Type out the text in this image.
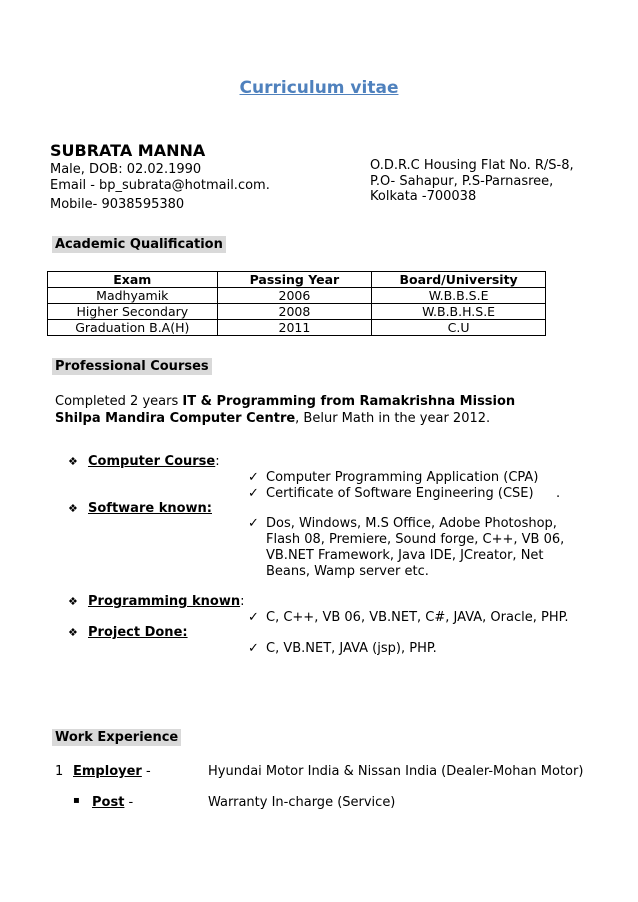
Curriculum vitae
SUBRATA MANNA
Male, DOB: 02.02.1990
Email - bp_subrata@hotmail.com.
Mobile- 9038595380
O.D.R.C Housing Flat No. R/S-8,
P.O- Sahapur, P.S-Parnasree,
Kolkata -700038
Academic Qualification
Exam	Passing Year	Board/University
Madhyamik	2006	W.B.B.S.E
Higher Secondary	2008	W.B.B.H.S.E
Graduation B.A(H)	2011	C.U
Professional Courses
Completed 2 years IT & Programming from Ramakrishna Mission Shilpa Mandira Computer Centre, Belur Math in the year 2012.
❖ Computer Course:
✓ Computer Programming Application (CPA)
✓ Certificate of Software Engineering (CSE) .
❖ Software known:
✓ Dos, Windows, M.S Office, Adobe Photoshop, Flash 08, Premiere, Sound forge, C++, VB 06, VB.NET Framework, Java IDE, JCreator, Net Beans, Wamp server etc.
❖ Programming known:
✓ C, C++, VB 06, VB.NET, C#, JAVA, Oracle, PHP.
❖ Project Done:
✓ C, VB.NET, JAVA (jsp), PHP.
Work Experience
1 Employer -	Hyundai Motor India & Nissan India (Dealer-Mohan Motor)
▪ Post -	Warranty In-charge (Service)
